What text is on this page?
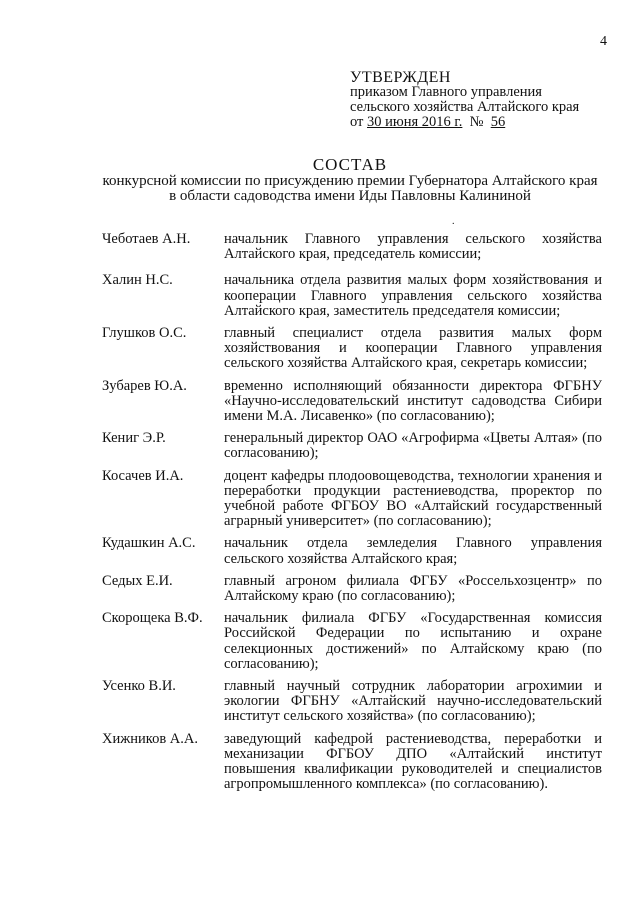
4
УТВЕРЖДЕН
приказом Главного управления
сельского хозяйства Алтайского края
от 30 июня 2016 г.  №  56
СОСТАВ
конкурсной комиссии по присуждению премии Губернатора Алтайского края
в области садоводства имени Иды Павловны Калининой
.
Чеботаев А.Н.	начальник Главного управления сельского хозяйства Алтайского края, председатель комиссии;
Халин Н.С.	начальника отдела развития малых форм хозяйствования и кооперации Главного управления сельского хозяйства Алтайского края, заместитель председателя комиссии;
Глушков О.С.	главный специалист отдела развития малых форм хозяйствования и кооперации Главного управления сельского хозяйства Алтайского края, секретарь комиссии;
Зубарев Ю.А.	временно исполняющий обязанности директора ФГБНУ «Научно-исследовательский институт садоводства Сибири имени М.А. Лисавенко» (по согласованию);
Кениг Э.Р.	генеральный директор ОАО «Агрофирма «Цветы Алтая» (по согласованию);
Косачев И.А.	доцент кафедры плодоовощеводства, технологии хранения и переработки продукции растениеводства, проректор по учебной работе ФГБОУ ВО «Алтайский государственный аграрный университет» (по согласованию);
Кудашкин А.С.	начальник отдела земледелия Главного управления сельского хозяйства Алтайского края;
Седых Е.И.	главный агроном филиала ФГБУ «Россельхозцентр» по Алтайскому краю (по согласованию);
Скорощека В.Ф.	начальник филиала ФГБУ «Государственная комиссия Российской Федерации по испытанию и охране селекционных достижений» по Алтайскому краю (по согласованию);
Усенко В.И.	главный научный сотрудник лаборатории агрохимии и экологии ФГБНУ «Алтайский научно-исследовательский институт сельского хозяйства» (по согласованию);
Хижников А.А.	заведующий кафедрой растениеводства, переработки и механизации ФГБОУ ДПО «Алтайский институт повышения квалификации руководителей и специалистов агропромышленного комплекса» (по согласованию).
